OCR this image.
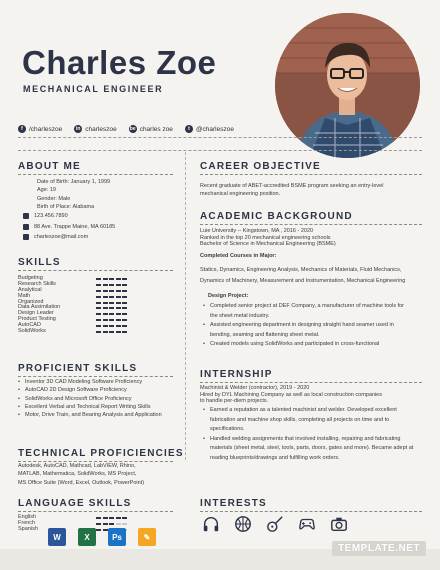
Charles Zoe
MECHANICAL ENGINEER
f /charleszoe	in charleszoe	be charles zoe	t @charleszoe
ABOUT ME
Date of Birth: January 1, 1999
Age: 19
Gender: Male
Birth of Place: Alabama
123.456.7890
88 Ave. Trappe Maine, MA 60185
charleszoe@mail.com
SKILLS
Budgeting
Research Skills
Analytical
Math
Organized
Data Assimilation
Design Leader
Product Testing
AutoCAD
SolidWorks
PROFICIENT SKILLS
• Inventor 3D CAD Modeling Software Proficiency
• AutoCAD 2D Design Software Proficiency
• SolidWorks and Microsoft Office Proficiency
• Excellent Verbal and Technical Report Writing Skills
• Motor, Drive Train, and Bearing Analysis and Application
TECHNICAL PROFICIENCIES
Autodesk, AutoCAD, Mathcad, LabVIEW, Rhino,
MATLAB, Mathematica, SolidWorks, MS Project,
MS Office Suite (Word, Excel, Outlook, PowerPoint)
LANGUAGE SKILLS
English
French
Spanish
W	X	Ps	✎
CAREER OBJECTIVE
Recent graduate of ABET-accredited BSME program seeking an entry-level
mechanical engineering position.
ACADEMIC BACKGROUND
Luie University -- Kingstown, MA , 2016 - 2020
Ranked in the top 20 mechanical engineering schools
Bachelor of Science in Mechanical Engineering (BSME)
Completed Courses in Major:
Statics, Dynamics, Engineering Analysis, Mechanics of Materials, Fluid Mechanics,
Dynamics of Machinery, Measurement and Instrumentation, Mechanical Engineering
Design Project:
• Completed senior project at DEF Company, a manufacturer of machine tools for
the sheet metal industry.
• Assisted engineering department in designing straight hand seamer used in
bending, seaming and flattening sheet metal.
• Created models using SolidWorks and participated in cross-functional
INTERNSHIP
Machinist & Welder (contractor), 2019 - 2020
Hired by DYL Machining Company as well as local construction companies
to handle per-diem projects.
• Earned a reputation as a talented machinist and welder. Developed excellent
fabrication and machine shop skills, completing all projects on time and to
specifications.
• Handled welding assignments that involved installing, repairing and fabricating
materials (sheet metal, steel, tools, parts, doors, gates and more). Became adept at
reading blueprints/drawings and fulfilling work orders.
INTERESTS
TEMPLATE.NET
